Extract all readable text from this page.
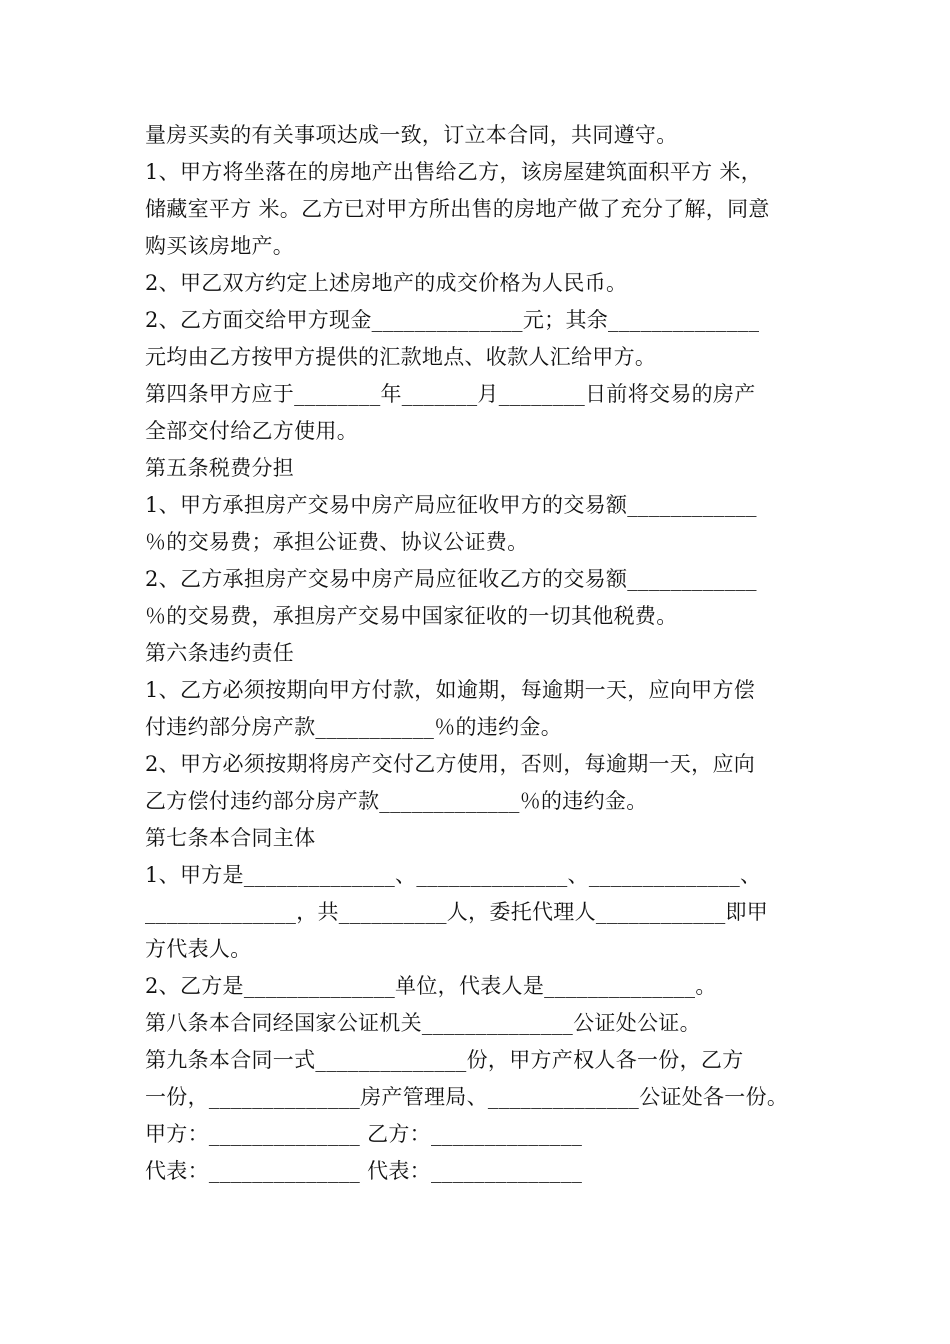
量房买卖的有关事项达成一致，订立本合同，共同遵守。
1、甲方将坐落在的房地产出售给乙方，该房屋建筑面积平方 米，
储藏室平方 米。乙方已对甲方所出售的房地产做了充分了解，同意
购买该房地产。
2、甲乙双方约定上述房地产的成交价格为人民币。
2、乙方面交给甲方现金______________元；其余______________
元均由乙方按甲方提供的汇款地点、收款人汇给甲方。
第四条甲方应于________年_______月________日前将交易的房产
全部交付给乙方使用。
第五条税费分担
1、甲方承担房产交易中房产局应征收甲方的交易额____________
％的交易费；承担公证费、协议公证费。
2、乙方承担房产交易中房产局应征收乙方的交易额____________
％的交易费，承担房产交易中国家征收的一切其他税费。
第六条违约责任
1、乙方必须按期向甲方付款，如逾期，每逾期一天，应向甲方偿
付违约部分房产款___________％的违约金。
2、甲方必须按期将房产交付乙方使用，否则，每逾期一天，应向
乙方偿付违约部分房产款_____________％的违约金。
第七条本合同主体
1、甲方是______________、______________、______________、
______________，共__________人，委托代理人____________即甲
方代表人。
2、乙方是______________单位，代表人是______________。
第八条本合同经国家公证机关______________公证处公证。
第九条本合同一式______________份，甲方产权人各一份，乙方
一份，______________房产管理局、______________公证处各一份。
甲方：______________ 乙方：______________
代表：______________ 代表：______________
